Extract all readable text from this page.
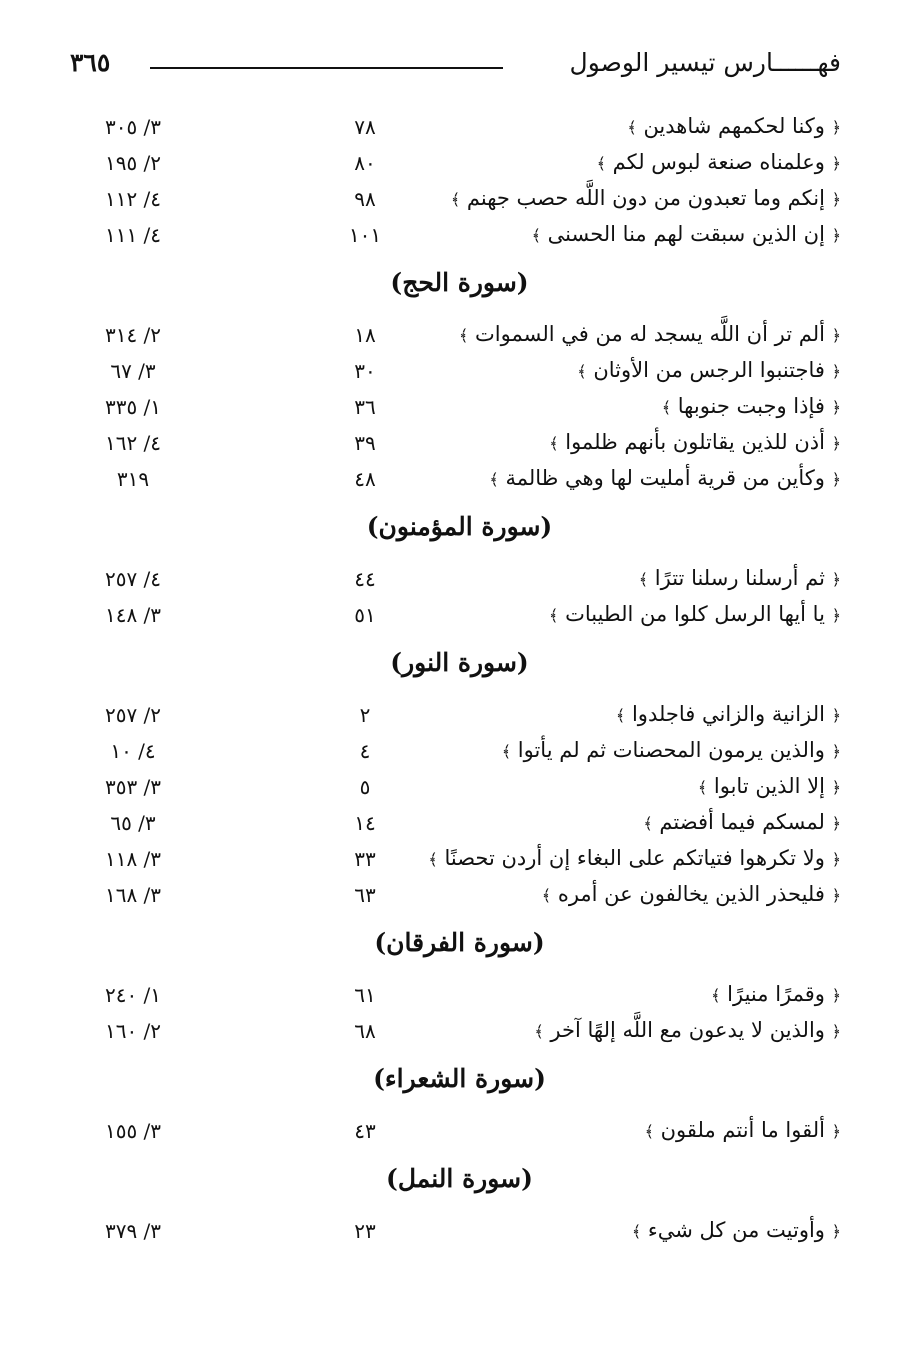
فهــــــارس تيسير الوصول
٣٦٥
﴿ وكنا لحكمهم شاهدين ﴾
٧٨
٣/ ٣٠٥
﴿ وعلمناه صنعة لبوس لكم ﴾
٨٠
٢/ ١٩٥
﴿ إنكم وما تعبدون من دون اللَّه حصب جهنم ﴾
٩٨
٤/ ١١٢
﴿ إن الذين سبقت لهم منا الحسنى ﴾
١٠١
٤/ ١١١
(سورة الحج)
﴿ ألم تر أن اللَّه يسجد له من في السموات ﴾
١٨
٢/ ٣١٤
﴿ فاجتنبوا الرجس من الأوثان ﴾
٣٠
٣/ ٦٧
﴿ فإذا وجبت جنوبها ﴾
٣٦
١/ ٣٣٥
﴿ أذن للذين يقاتلون بأنهم ظلموا ﴾
٣٩
٤/ ١٦٢
﴿ وكأين من قرية أمليت لها وهي ظالمة ﴾
٤٨
٣١٩
(سورة المؤمنون)
﴿ ثم أرسلنا رسلنا تترًا ﴾
٤٤
٤/ ٢٥٧
﴿ يا أيها الرسل كلوا من الطيبات ﴾
٥١
٣/ ١٤٨
(سورة النور)
﴿ الزانية والزاني فاجلدوا ﴾
٢
٢/ ٢٥٧
﴿ والذين يرمون المحصنات ثم لم يأتوا ﴾
٤
٤/ ١٠
﴿ إلا الذين تابوا ﴾
٥
٣/ ٣٥٣
﴿ لمسكم فيما أفضتم ﴾
١٤
٣/ ٦٥
﴿ ولا تكرهوا فتياتكم على البغاء إن أردن تحصنًا ﴾
٣٣
٣/ ١١٨
﴿ فليحذر الذين يخالفون عن أمره ﴾
٦٣
٣/ ١٦٨
(سورة الفرقان)
﴿ وقمرًا منيرًا ﴾
٦١
١/ ٢٤٠
﴿ والذين لا يدعون مع اللَّه إلهًا آخر ﴾
٦٨
٢/ ١٦٠
(سورة الشعراء)
﴿ ألقوا ما أنتم ملقون ﴾
٤٣
٣/ ١٥٥
(سورة النمل)
﴿ وأوتيت من كل شيء ﴾
٢٣
٣/ ٣٧٩
